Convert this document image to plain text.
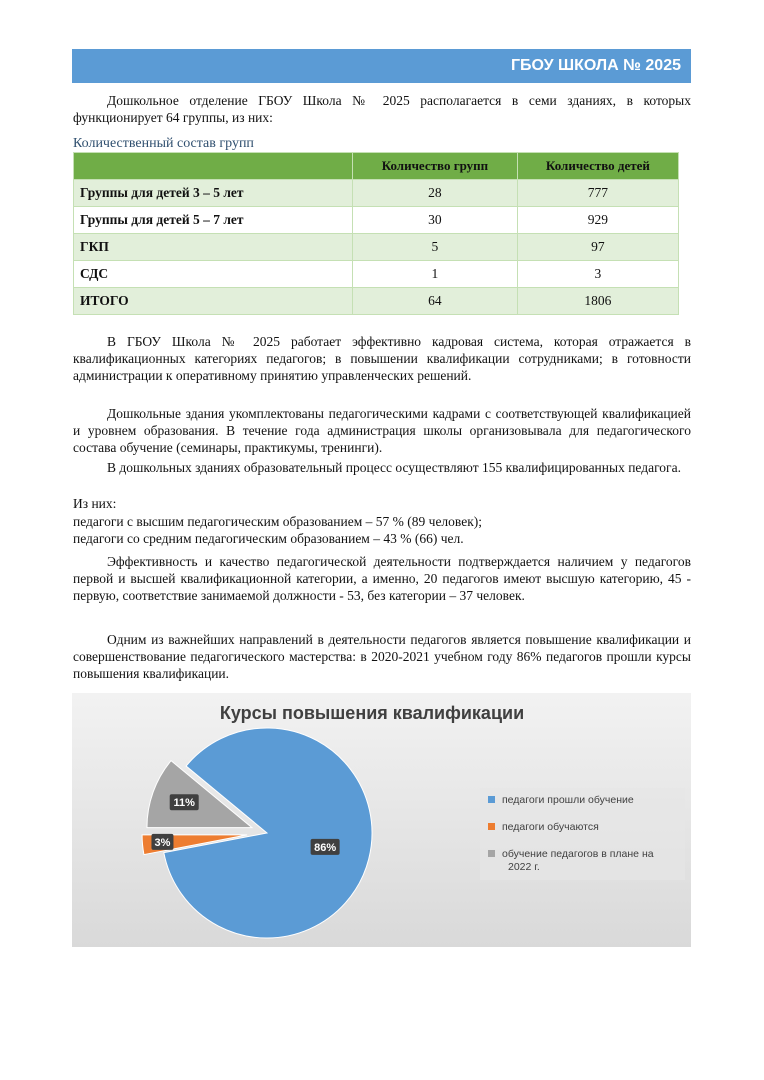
ГБОУ ШКОЛА № 2025
Дошкольное отделение ГБОУ Школа № 2025 располагается в семи зданиях, в которых функционирует 64 группы, из них:
Количественный состав групп
	Количество групп	Количество детей
Группы для детей 3 – 5 лет	28	777
Группы для детей 5 – 7 лет	30	929
ГКП	5	97
СДС	1	3
ИТОГО	64	1806
В ГБОУ Школа № 2025 работает эффективно кадровая система, которая отражается в квалификационных категориях педагогов; в повышении квалификации сотрудниками; в готовности администрации к оперативному принятию управленческих решений.
Дошкольные здания укомплектованы педагогическими кадрами с соответствующей квалификацией и уровнем образования. В течение года администрация школы организовывала для педагогического состава обучение (семинары, практикумы, тренинги).
В дошкольных зданиях образовательный процесс осуществляют 155 квалифицированных педагога.
Из них:
педагоги с высшим педагогическим образованием – 57 % (89 человек);
педагоги со средним педагогическим образованием – 43 % (66) чел.
Эффективность и качество педагогической деятельности подтверждается наличием у педагогов первой и высшей квалификационной категории, а именно, 20 педагогов имеют высшую категорию, 45 - первую, соответствие занимаемой должности - 53, без категории – 37 человек.
Одним из важнейших направлений в деятельности педагогов является повышение квалификации и совершенствование педагогического мастерства: в 2020-2021 учебном году 86% педагогов прошли курсы повышения квалификации.
Курсы повышения квалификации
86%
3%
11%	педагоги прошли обучение
педагоги обучаются
обучение педагогов в плане на 2022 г.
